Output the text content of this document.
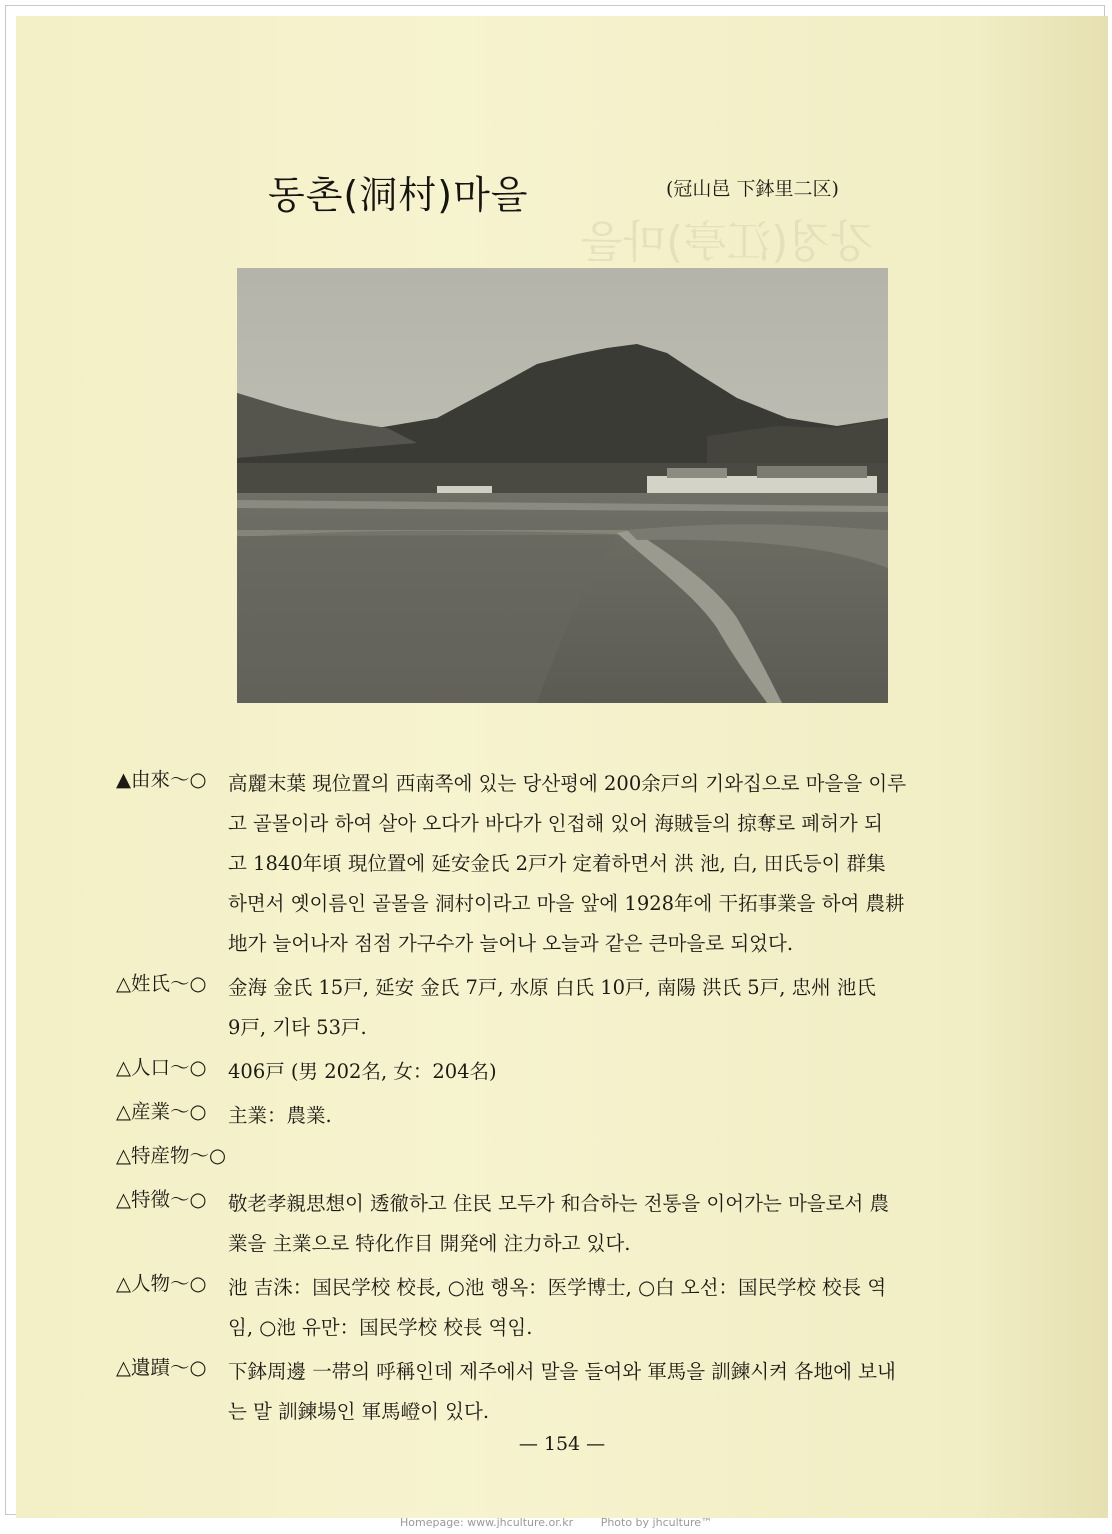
강정(江亭)마을
동촌(洞村)마을	(冠山邑 下鉢里二区)
▲由來～○	高麗末葉 現位置의 西南쪽에 있는 당산평에 200余戸의 기와집으로 마을을 이루
고 골몰이라 하여 살아 오다가 바다가 인접해 있어 海賊들의 掠奪로 폐허가 되
고 1840年頃 現位置에 延安金氏 2戸가 定着하면서 洪 池, 白, 田氏등이 群集
하면서 옛이름인 골몰을 洞村이라고 마을 앞에 1928年에 干拓事業을 하여 農耕
地가 늘어나자 점점 가구수가 늘어나 오늘과 같은 큰마을로 되었다.
△姓氏～○	金海 金氏 15戸, 延安 金氏 7戸, 水原 白氏 10戸, 南陽 洪氏 5戸, 忠州 池氏
9戸, 기타 53戸.
△人口～○	406戸 (男 202名, 女：204名)
△産業～○	主業：農業.
△特産物～○

△特徵～○	敬老孝親思想이 透徹하고 住民 모두가 和合하는 전통을 이어가는 마을로서 農
業을 主業으로 特化作目 開発에 注力하고 있다.
△人物～○	池 吉洙：国民学校 校長, ○池 행옥：医学博士, ○白 오선：国民学校 校長 역
임, ○池 유만：国民学校 校長 역임.
△遺蹟～○	下鉢周邊 一帯의 呼稱인데 제주에서 말을 들여와 軍馬을 訓鍊시켜 各地에 보내
는 말 訓鍊場인 軍馬嶝이 있다.
— 154 —
Homepage: www.jhculture.or.kr	Photo by jhculture™
